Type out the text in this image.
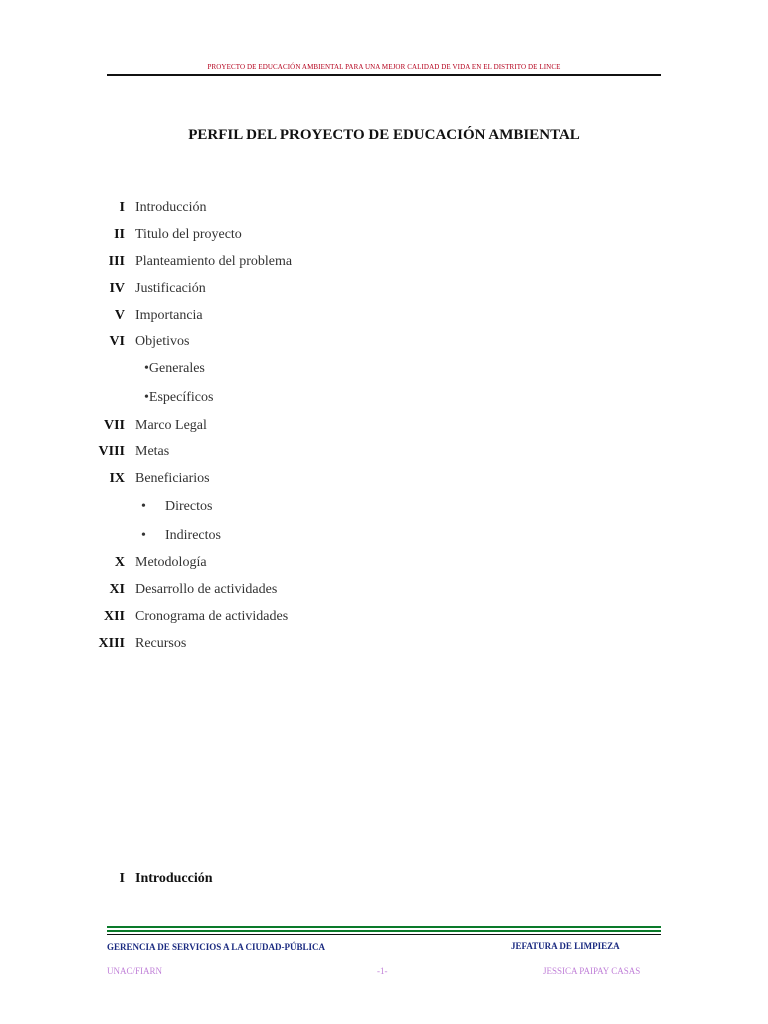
PROYECTO DE EDUCACIÓN AMBIENTAL PARA UNA MEJOR CALIDAD DE VIDA EN EL DISTRITO DE LINCE
PERFIL DEL PROYECTO DE EDUCACIÓN AMBIENTAL
I Introducción
II Titulo del proyecto
III Planteamiento del problema
IV Justificación
V Importancia
VI Objetivos
•Generales
•Específicos
VII Marco Legal
VIII Metas
IX Beneficiarios
• Directos
• Indirectos
X Metodología
XI Desarrollo de actividades
XII Cronograma de actividades
XIII Recursos
I Introducción
GERENCIA DE SERVICIOS A LA CIUDAD-PÚBLICA	JEFATURA DE LIMPIEZA
UNAC/FIARN	-1-	JESSICA PAIPAY CASAS
